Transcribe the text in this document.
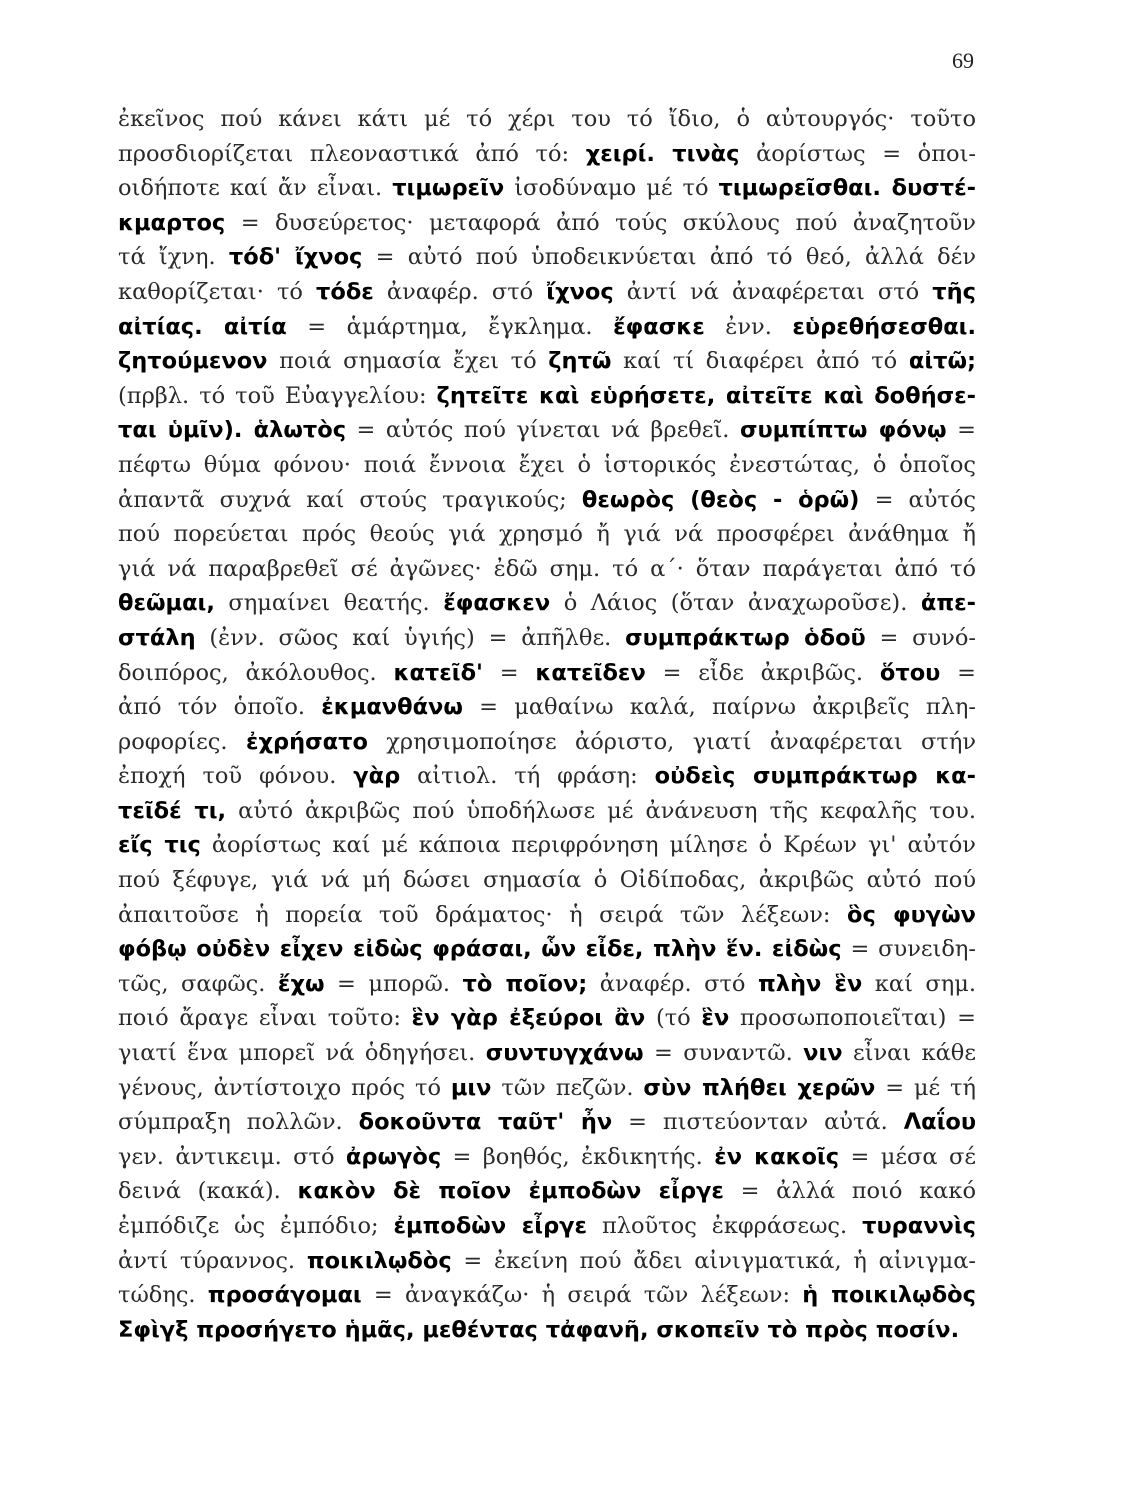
69
ἐκεῖνος πού κάνει κάτι μέ τό χέρι του τό ἴδιο, ὁ αὐτουργός· τοῦτο
προσδιορίζεται πλεοναστικά ἀπό τό: χειρί. τινὰς ἀορίστως = ὁποι-
οιδήποτε καί ἄν εἶναι. τιμωρεῖν ἰσοδύναμο μέ τό τιμωρεῖσθαι. δυστέ-
κμαρτος = δυσεύρετος· μεταφορά ἀπό τούς σκύλους πού ἀναζητοῦν
τά ἴχνη. τόδ' ἴχνος = αὐτό πού ὑποδεικνύεται ἀπό τό θεό, ἀλλά δέν
καθορίζεται· τό τόδε ἀναφέρ. στό ἴχνος ἀντί νά ἀναφέρεται στό τῆς
αἰτίας. αἰτία = ἁμάρτημα, ἔγκλημα. ἔφασκε ἐνν. εὑρεθήσεσθαι.
ζητούμενον ποιά σημασία ἔχει τό ζητῶ καί τί διαφέρει ἀπό τό αἰτῶ;
(πρβλ. τό τοῦ Εὐαγγελίου: ζητεῖτε καὶ εὑρήσετε, αἰτεῖτε καὶ δοθήσε-
ται ὑμῖν). ἁλωτὸς = αὐτός πού γίνεται νά βρεθεῖ. συμπίπτω φόνῳ =
πέφτω θύμα φόνου· ποιά ἔννοια ἔχει ὁ ἱστορικός ἐνεστώτας, ὁ ὁποῖος
ἀπαντᾶ συχνά καί στούς τραγικούς; θεωρὸς (θεὸς - ὁρῶ) = αὐτός
πού πορεύεται πρός θεούς γιά χρησμό ἤ γιά νά προσφέρει ἀνάθημα ἤ
γιά νά παραβρεθεῖ σέ ἀγῶνες· ἐδῶ σημ. τό α΄· ὅταν παράγεται ἀπό τό
θεῶμαι, σημαίνει θεατής. ἔφασκεν ὁ Λάιος (ὅταν ἀναχωροῦσε). ἀπε-
στάλη (ἐνν. σῶος καί ὑγιής) = ἀπῆλθε. συμπράκτωρ ὁδοῦ = συνό-
δοιπόρος, ἀκόλουθος. κατεῖδ' = κατεῖδεν = εἶδε ἀκριβῶς. ὅτου =
ἀπό τόν ὁποῖο. ἐκμανθάνω = μαθαίνω καλά, παίρνω ἀκριβεῖς πλη-
ροφορίες. ἐχρήσατο χρησιμοποίησε ἀόριστο, γιατί ἀναφέρεται στήν
ἐποχή τοῦ φόνου. γὰρ αἰτιολ. τή φράση: οὐδεὶς συμπράκτωρ κα-
τεῖδέ τι, αὐτό ἀκριβῶς πού ὑποδήλωσε μέ ἀνάνευση τῆς κεφαλῆς του.
εἴς τις ἀορίστως καί μέ κάποια περιφρόνηση μίλησε ὁ Κρέων γι' αὐτόν
πού ξέφυγε, γιά νά μή δώσει σημασία ὁ Οἰδίποδας, ἀκριβῶς αὐτό πού
ἀπαιτοῦσε ἡ πορεία τοῦ δράματος· ἡ σειρά τῶν λέξεων: ὃς φυγὼν
φόβῳ οὐδὲν εἶχεν εἰδὼς φράσαι, ὧν εἶδε, πλὴν ἕν. εἰδὼς = συνειδη-
τῶς, σαφῶς. ἔχω = μπορῶ. τὸ ποῖον; ἀναφέρ. στό πλὴν ἓν καί σημ.
ποιό ἄραγε εἶναι τοῦτο: ἓν γὰρ ἐξεύροι ἂν (τό ἓν προσωποποιεῖται) =
γιατί ἕνα μπορεῖ νά ὁδηγήσει. συντυγχάνω = συναντῶ. νιν εἶναι κάθε
γένους, ἀντίστοιχο πρός τό μιν τῶν πεζῶν. σὺν πλήθει χερῶν = μέ τή
σύμπραξη πολλῶν. δοκοῦντα ταῦτ' ἦν = πιστεύονταν αὐτά. Λαΐου
γεν. ἀντικειμ. στό ἀρωγὸς = βοηθός, ἐκδικητής. ἐν κακοῖς = μέσα σέ
δεινά (κακά). κακὸν δὲ ποῖον ἐμποδὼν εἶργε = ἀλλά ποιό κακό
ἐμπόδιζε ὡς ἐμπόδιο; ἐμποδὼν εἶργε πλοῦτος ἐκφράσεως. τυραννὶς
ἀντί τύραννος. ποικιλῳδὸς = ἐκείνη πού ἄδει αἰνιγματικά, ἡ αἰνιγμα-
τώδης. προσάγομαι = ἀναγκάζω· ἡ σειρά τῶν λέξεων: ἡ ποικιλῳδὸς
Σφὶγξ προσήγετο ἡμᾶς, μεθέντας τἀφανῆ, σκοπεῖν τὸ πρὸς ποσίν.
